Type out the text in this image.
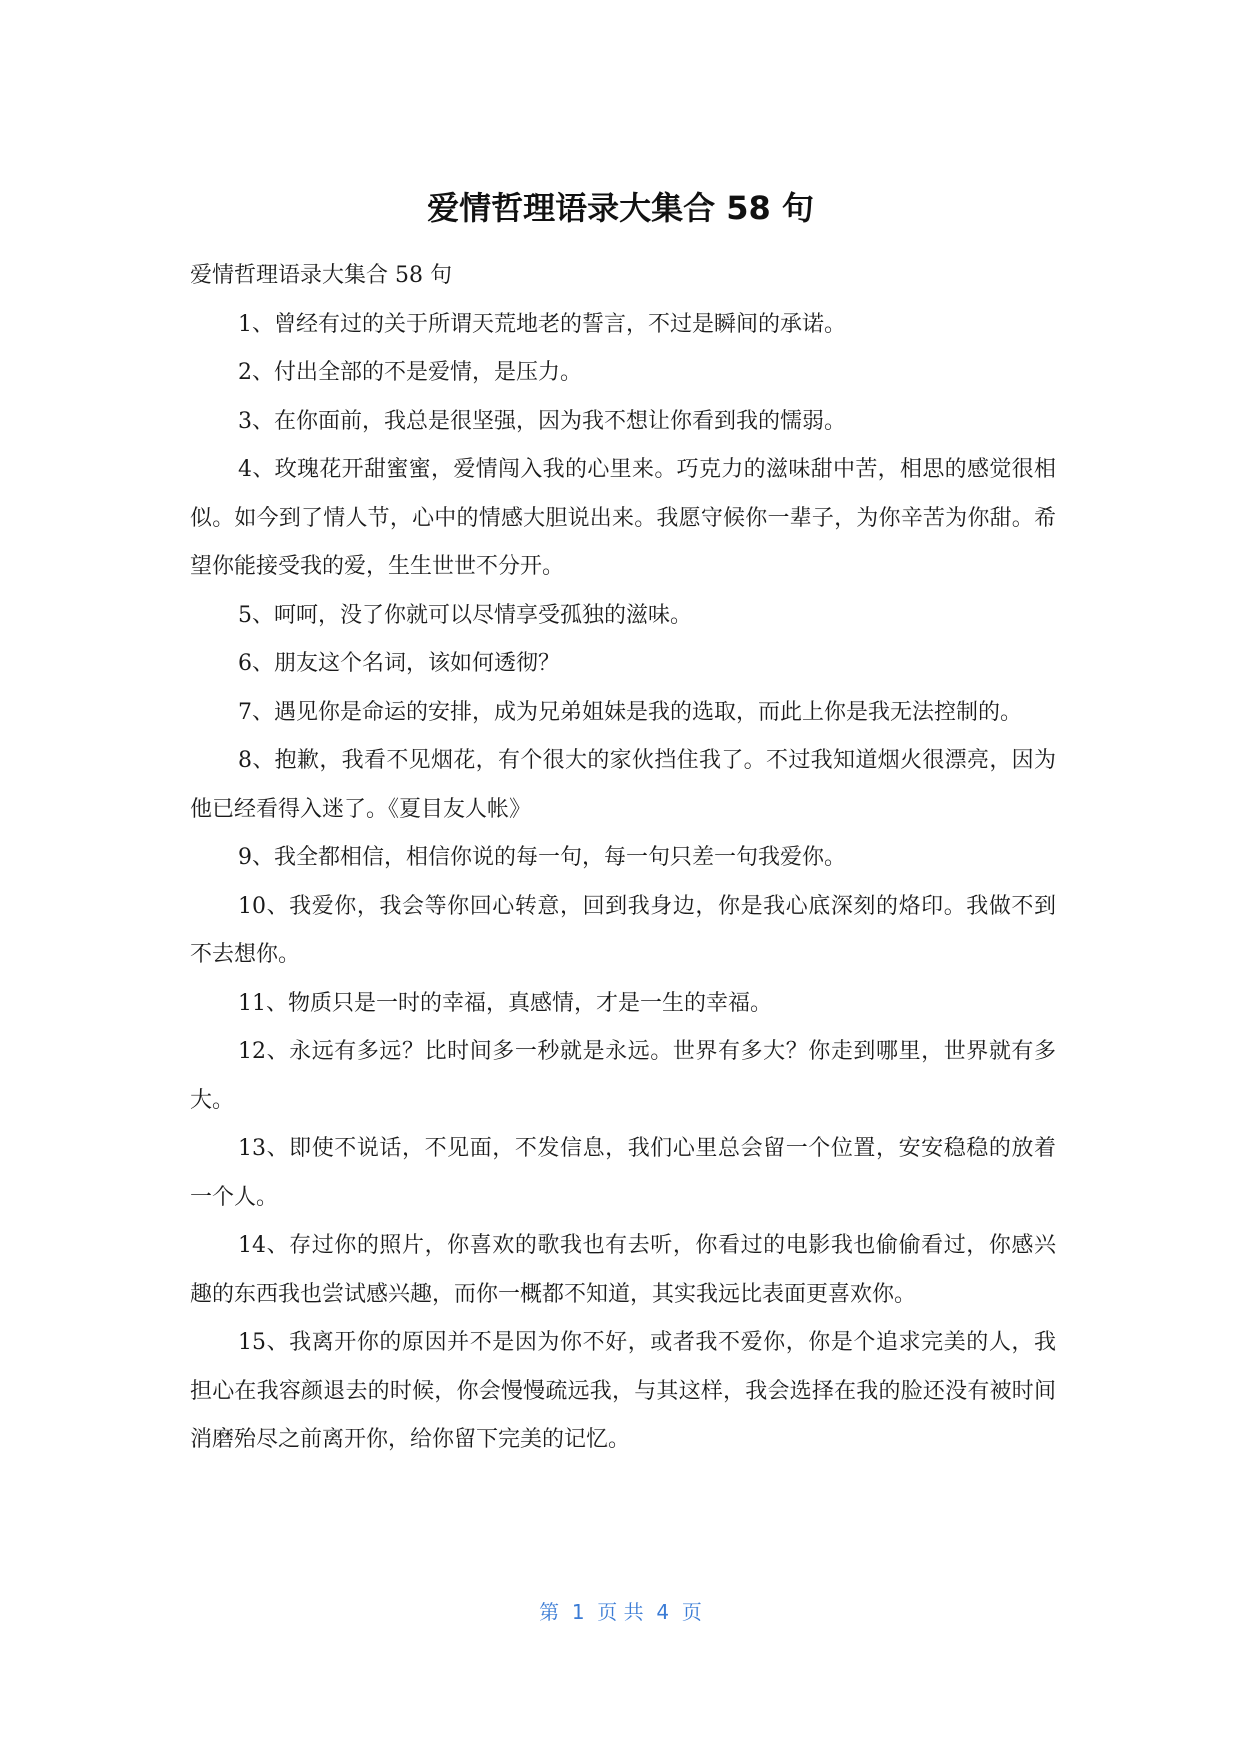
爱情哲理语录大集合 58 句

爱情哲理语录大集合 58 句

1、曾经有过的关于所谓天荒地老的誓言，不过是瞬间的承诺。

2、付出全部的不是爱情，是压力。

3、在你面前，我总是很坚强，因为我不想让你看到我的懦弱。

4、玫瑰花开甜蜜蜜，爱情闯入我的心里来。巧克力的滋味甜中苦，相思的感觉很相似。如今到了情人节，心中的情感大胆说出来。我愿守候你一辈子，为你辛苦为你甜。希望你能接受我的爱，生生世世不分开。

5、呵呵，没了你就可以尽情享受孤独的滋味。

6、朋友这个名词，该如何透彻？

7、遇见你是命运的安排，成为兄弟姐妹是我的选取，而此上你是我无法控制的。

8、抱歉，我看不见烟花，有个很大的家伙挡住我了。不过我知道烟火很漂亮，因为他已经看得入迷了。《夏目友人帐》

9、我全都相信，相信你说的每一句，每一句只差一句我爱你。

10、我爱你，我会等你回心转意，回到我身边，你是我心底深刻的烙印。我做不到不去想你。

11、物质只是一时的幸福，真感情，才是一生的幸福。

12、永远有多远？比时间多一秒就是永远。世界有多大？你走到哪里，世界就有多大。

13、即使不说话，不见面，不发信息，我们心里总会留一个位置，安安稳稳的放着一个人。

14、存过你的照片，你喜欢的歌我也有去听，你看过的电影我也偷偷看过，你感兴趣的东西我也尝试感兴趣，而你一概都不知道，其实我远比表面更喜欢你。

15、我离开你的原因并不是因为你不好，或者我不爱你，你是个追求完美的人，我担心在我容颜退去的时候，你会慢慢疏远我，与其这样，我会选择在我的脸还没有被时间消磨殆尽之前离开你，给你留下完美的记忆。

第  1  页 共  4  页
